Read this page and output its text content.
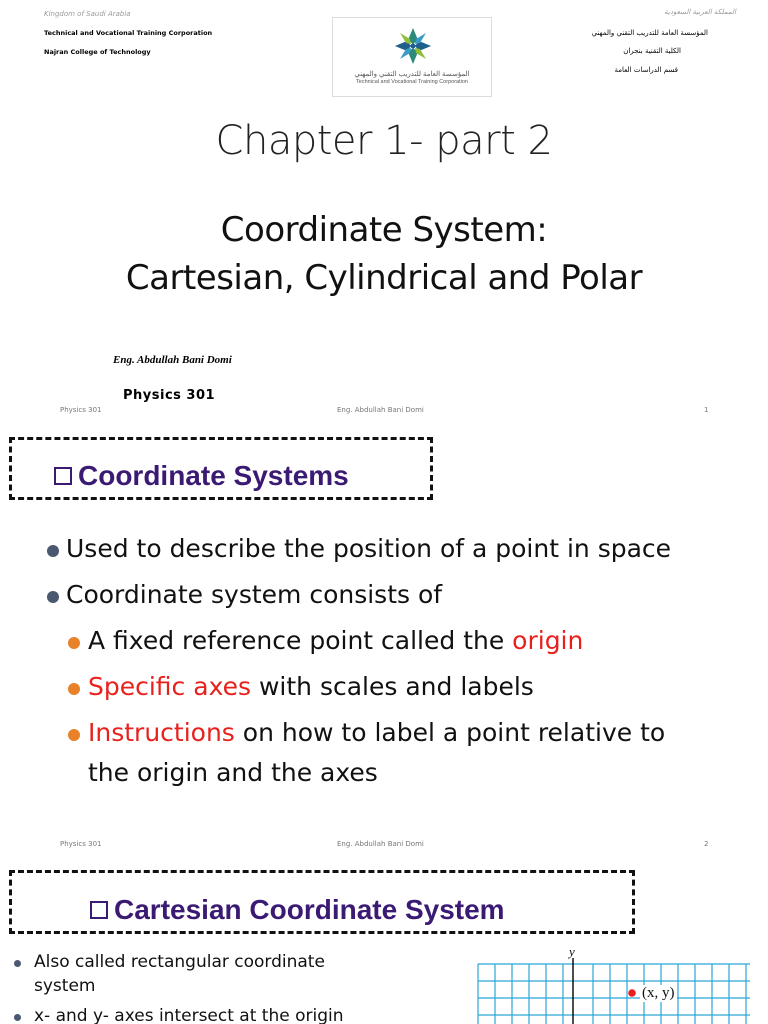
Kingdom of Saudi Arabia
Technical and Vocational Training Corporation
Najran College of Technology
المملكة العربية السعودية
المؤسسة العامة للتدريب التقني والمهني
الكلية التقنية بنجران
قسم الدراسات العامة
المؤسسة العامة للتدريب التقني والمهني
Technical and Vocational Training Corporation
Chapter 1- part 2
Coordinate System:
Cartesian, Cylindrical and Polar
Eng. Abdullah Bani Domi
Physics 301
Physics 301	Eng. Abdullah Bani Domi	1
Coordinate Systems
Used to describe the position of a point in space
Coordinate system consists of
A fixed reference point called the origin
Specific axes with scales and labels
Instructions on how to label a point relative to
the origin and the axes
Physics 301	Eng. Abdullah Bani Domi	2
Cartesian Coordinate System
Also called rectangular coordinate
system
x- and y- axes intersect at the origin
y
(x, y)
